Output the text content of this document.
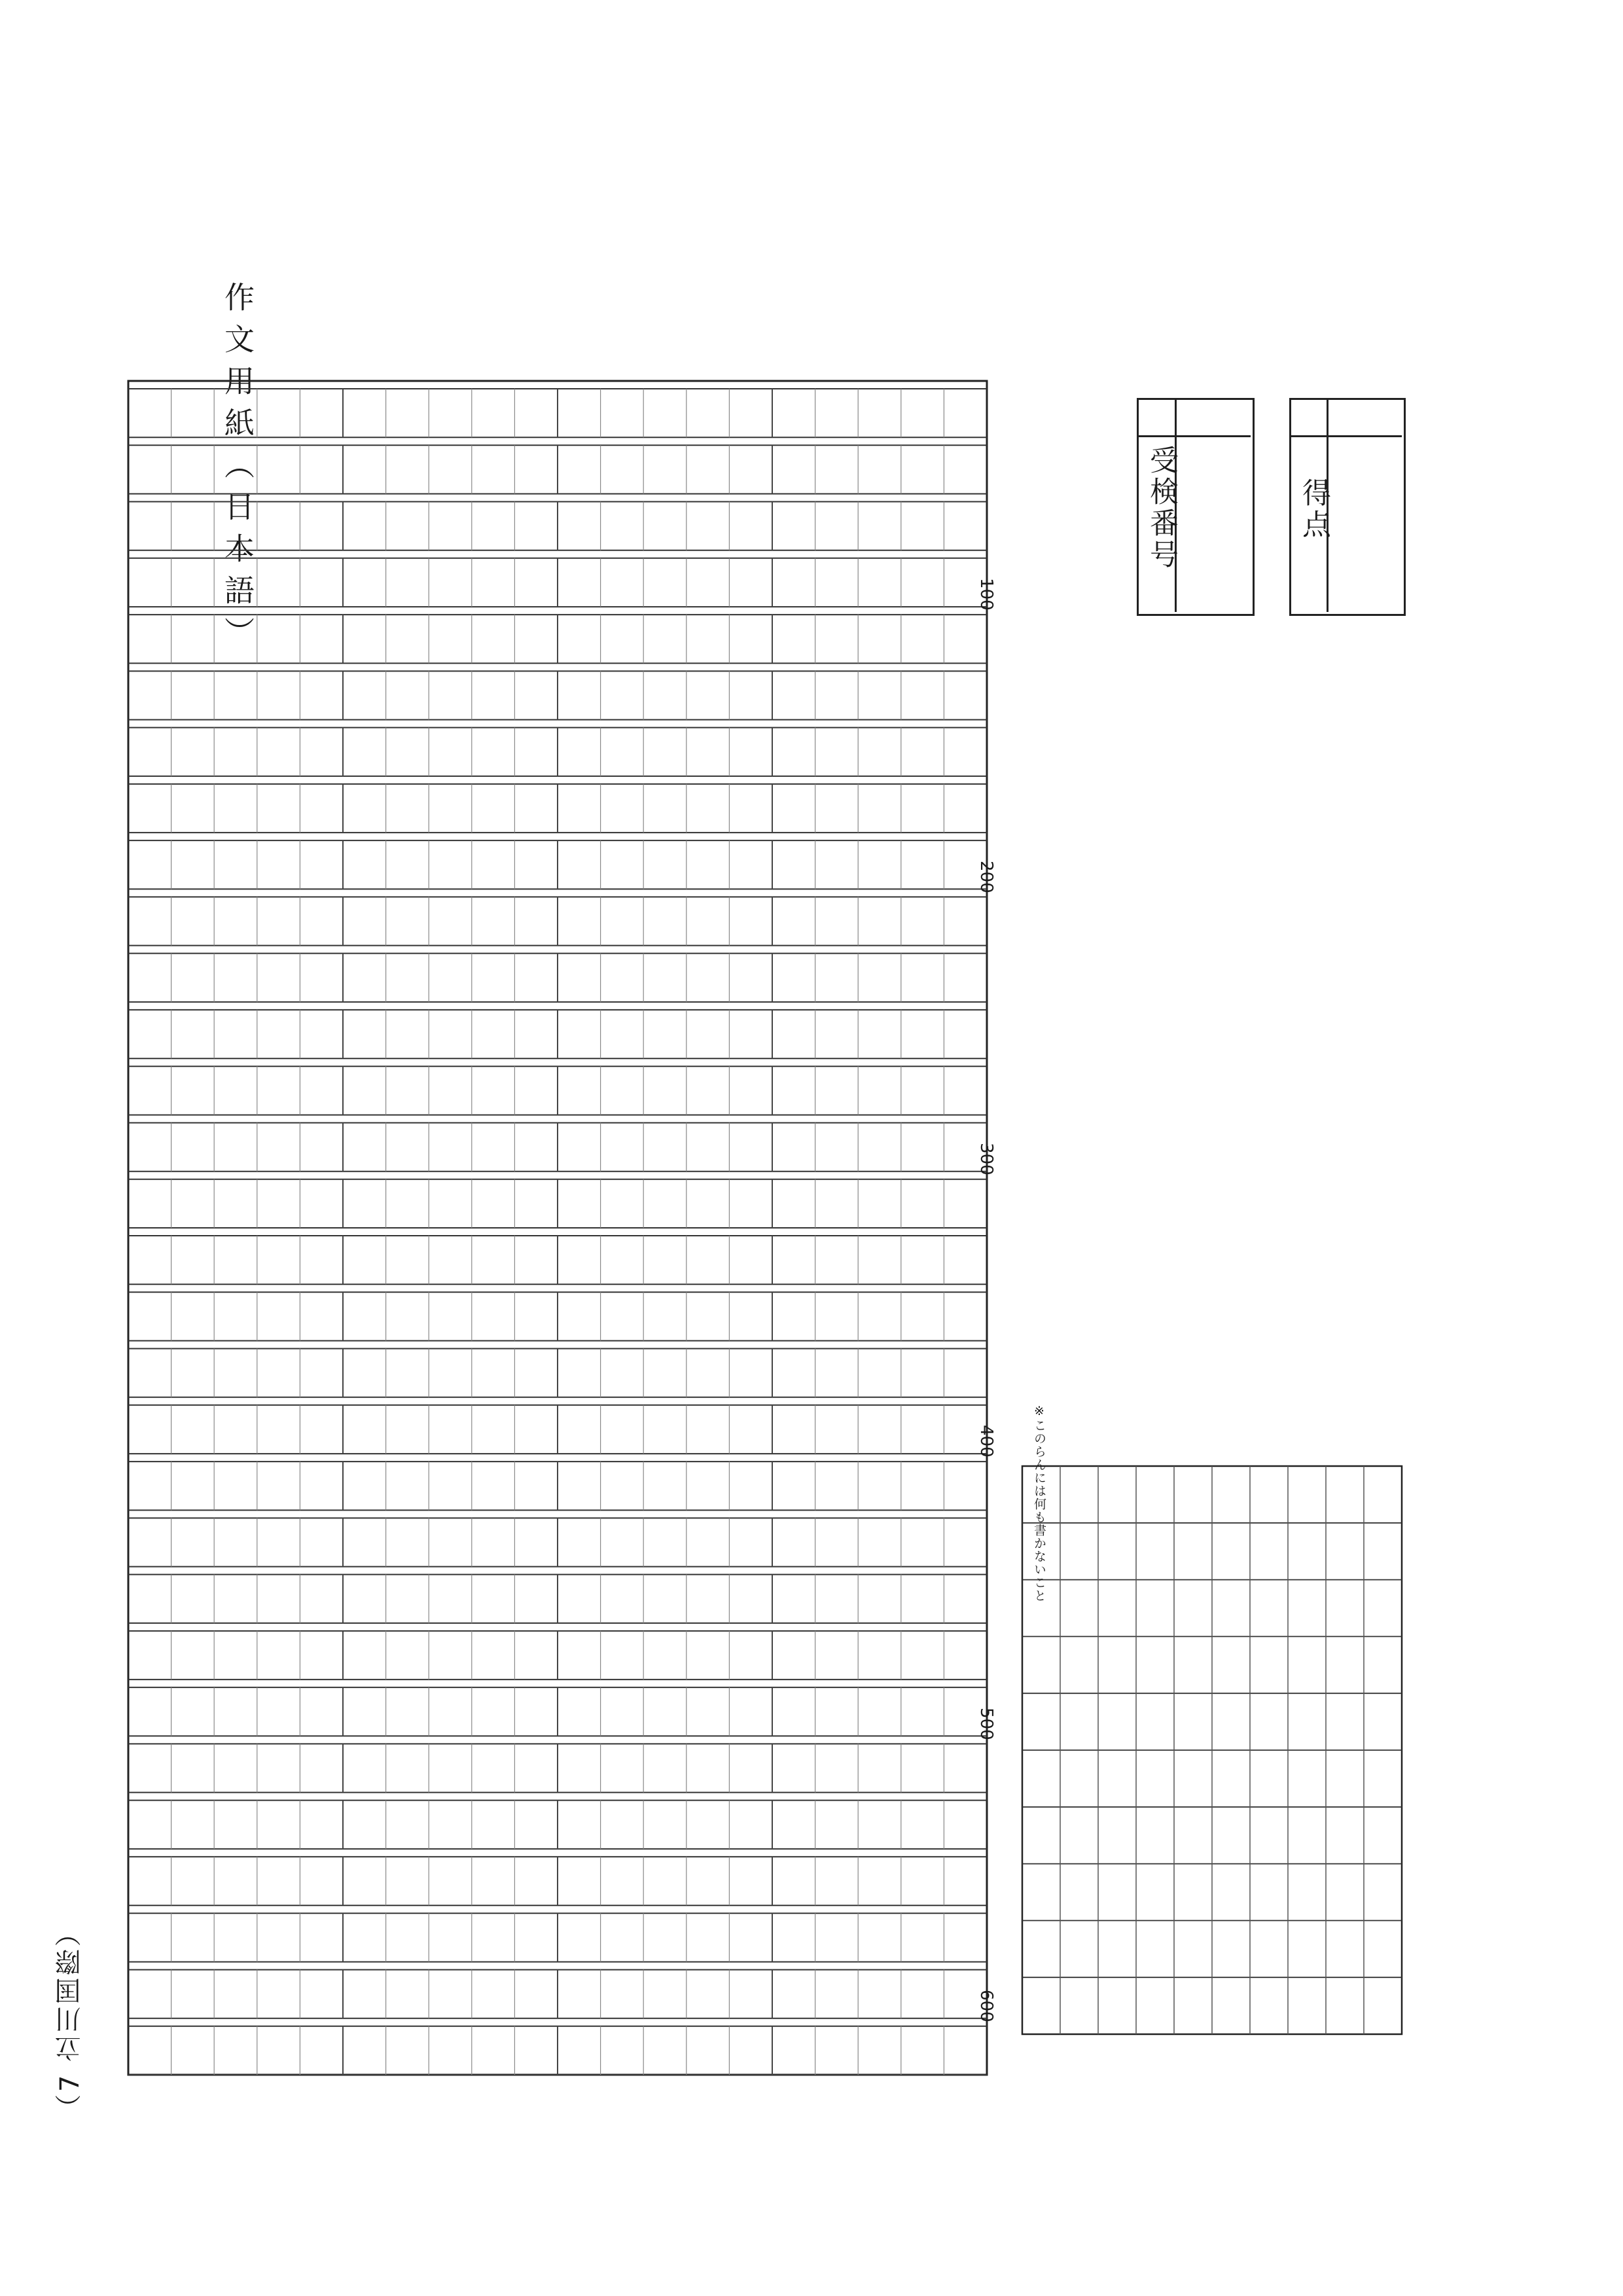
作文用紙（日本語）
（7 立川国際）
100
200
300
400
500
600
受検番号	得点
※このらんには何も書かないこと
